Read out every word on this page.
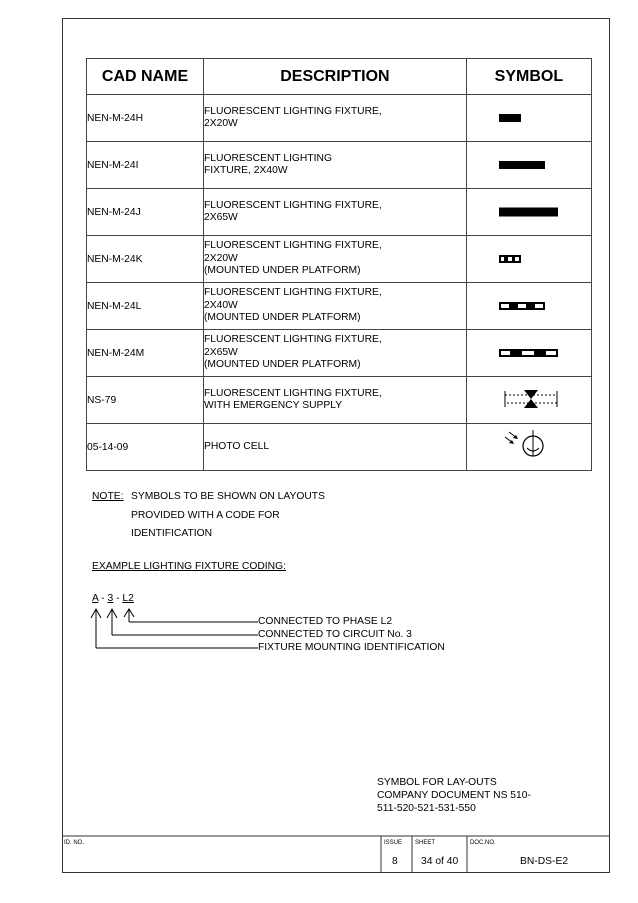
CAD NAME	DESCRIPTION	SYMBOL
NEN-M-24H	FLUORESCENT LIGHTING FIXTURE,
2X20W	

NEN-M-24I	FLUORESCENT LIGHTING
FIXTURE, 2X40W	

NEN-M-24J	FLUORESCENT LIGHTING FIXTURE,
2X65W	

NEN-M-24K	FLUORESCENT LIGHTING FIXTURE,
2X20W
(MOUNTED UNDER PLATFORM)	

NEN-M-24L	FLUORESCENT LIGHTING FIXTURE,
2X40W
(MOUNTED UNDER PLATFORM)	

NEN-M-24M	FLUORESCENT LIGHTING FIXTURE,
2X65W
(MOUNTED UNDER PLATFORM)	

NS-79	FLUORESCENT LIGHTING FIXTURE,
WITH EMERGENCY SUPPLY

05-14-09	PHOTO CELL

NOTE: SYMBOLS TO BE SHOWN ON LAYOUTS
PROVIDED WITH A CODE FOR
IDENTIFICATION
EXAMPLE LIGHTING FIXTURE CODING:
A - 3 - L2
CONNECTED TO PHASE L2
CONNECTED TO CIRCUIT No. 3
FIXTURE MOUNTING IDENTIFICATION
SYMBOL FOR LAY-OUTS
COMPANY DOCUMENT NS 510-
511-520-521-531-550
ID. NO.	ISSUE SHEET	DOC.NO.
8 34 of 40	BN-DS-E2
